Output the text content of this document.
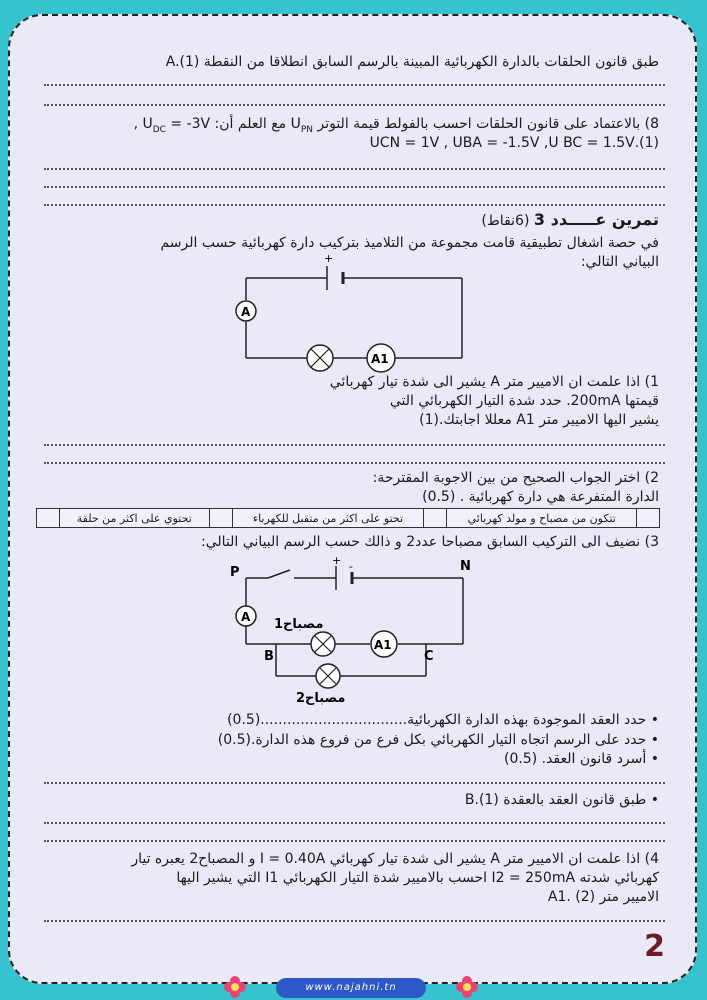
طبق قانون الحلقات بالدارة الكهربائية المبينة بالرسم السابق انطلاقا من النقطة A.(1)
8) بالاعتماد على قانون الحلقات احسب بالفولط قيمة التوتر $U_{PN}$ مع العلم أن: $U_{DC} = -3V$ ,
(1).UCN = 1V , UBA = -1.5V ,U BC = 1.5V
تمرين عـــــدد 3 (6نقاط)
في حصة اشغال تطبيقية قامت مجموعة من التلاميذ بتركيب دارة كهربائية حسب الرسم
البياني التالي:
+
A
A1
1) اذا علمت ان الاميير متر A يشير الى شدة تيار كهربائي
قيمتها 200mA. حدد شدة التيار الكهربائي التي
يشير اليها الاميير متر A1 معللا اجابتك.(1)
2) اختر الجواب الصحيح من بين الاجوبة المقترحة:
الدارة المتفرعة هي دارة كهربائية . (0.5)
	تتكون من مصباح و مولد كهربائي		تحتو على اكثر من متقبل للكهرباء		تحتوي على اكثر من حلقة	
3) نضيف الى التركيب السابق مصباحا عدد2 و ذالك حسب الرسم البياني التالي:
P	N
+ -
A مصباح1
A1
B	C
مصباح2
• حدد العقد الموجودة بهذه الدارة الكهربائية.................................(0.5)
• حدد على الرسم اتجاه التيار الكهربائي بكل فرع من فروع هذه الدارة.(0.5)
• أسرد قانون العقد. (0.5)
• طبق قانون العقد بالعقدة B.(1)
4) اذا علمت ان الاميير متر A يشير الى شدة تيار كهربائي I = 0.40A و المصباح2 يعبره تيار
كهربائي شدته I2 = 250mA احسب بالاميير شدة التيار الكهربائي I1 التي يشير اليها
الاميير متر A1. (2)
2
www.najahni.tn
